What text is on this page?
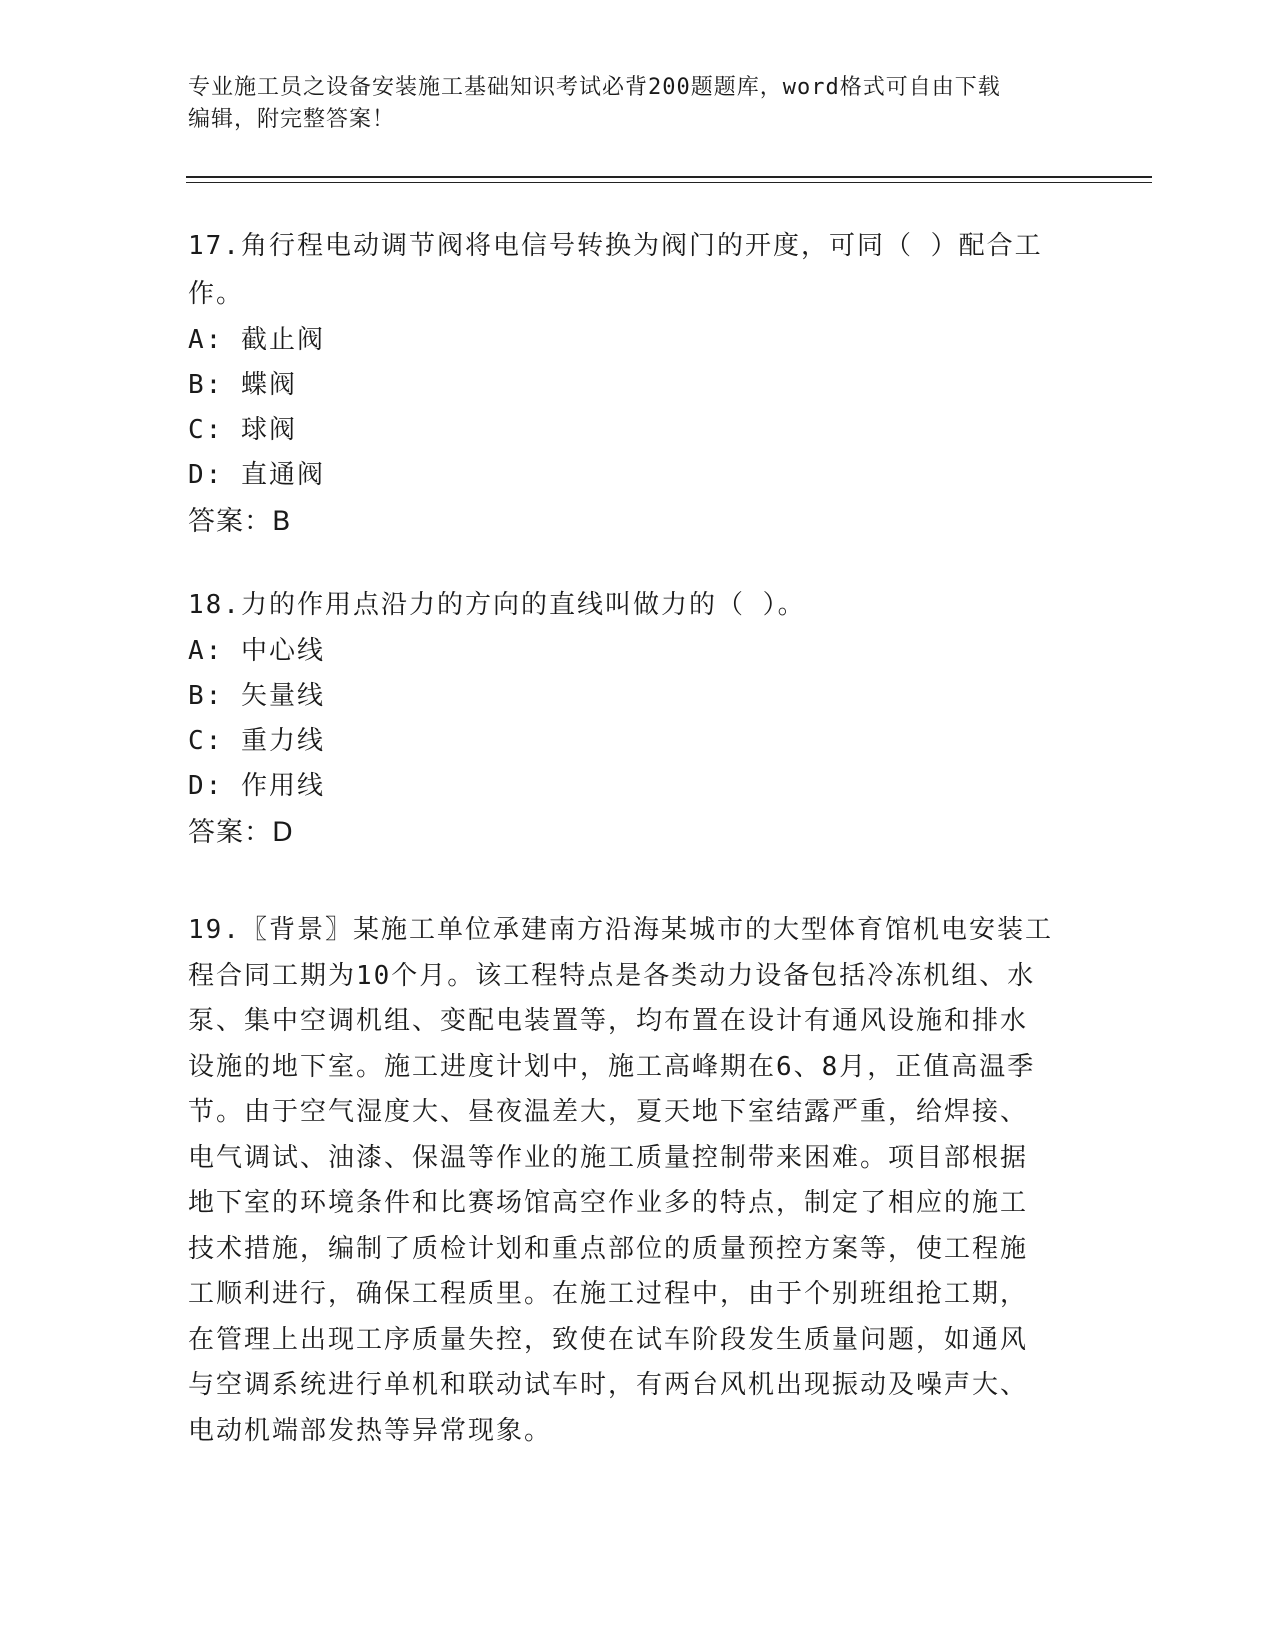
专业施工员之设备安装施工基础知识考试必背200题题库，word格式可自由下载
编辑，附完整答案！

17.角行程电动调节阀将电信号转换为阀门的开度，可同（ ）配合工

作。

A: 截止阀

B: 蝶阀

C: 球阀

D: 直通阀

答案：B

18.力的作用点沿力的方向的直线叫做力的（ ）。

A: 中心线

B: 矢量线

C: 重力线

D: 作用线

答案：D

19.〖背景〗某施工单位承建南方沿海某城市的大型体育馆机电安装工

程合同工期为10个月。该工程特点是各类动力设备包括冷冻机组、水

泵、集中空调机组、变配电装置等，均布置在设计有通风设施和排水

设施的地下室。施工进度计划中，施工高峰期在6、8月，正值高温季

节。由于空气湿度大、昼夜温差大，夏天地下室结露严重，给焊接、

电气调试、油漆、保温等作业的施工质量控制带来困难。项目部根据

地下室的环境条件和比赛场馆高空作业多的特点，制定了相应的施工

技术措施，编制了质检计划和重点部位的质量预控方案等，使工程施

工顺利进行，确保工程质里。在施工过程中，由于个别班组抢工期，

在管理上出现工序质量失控，致使在试车阶段发生质量问题，如通风

与空调系统进行单机和联动试车时，有两台风机出现振动及噪声大、

电动机端部发热等异常现象。
